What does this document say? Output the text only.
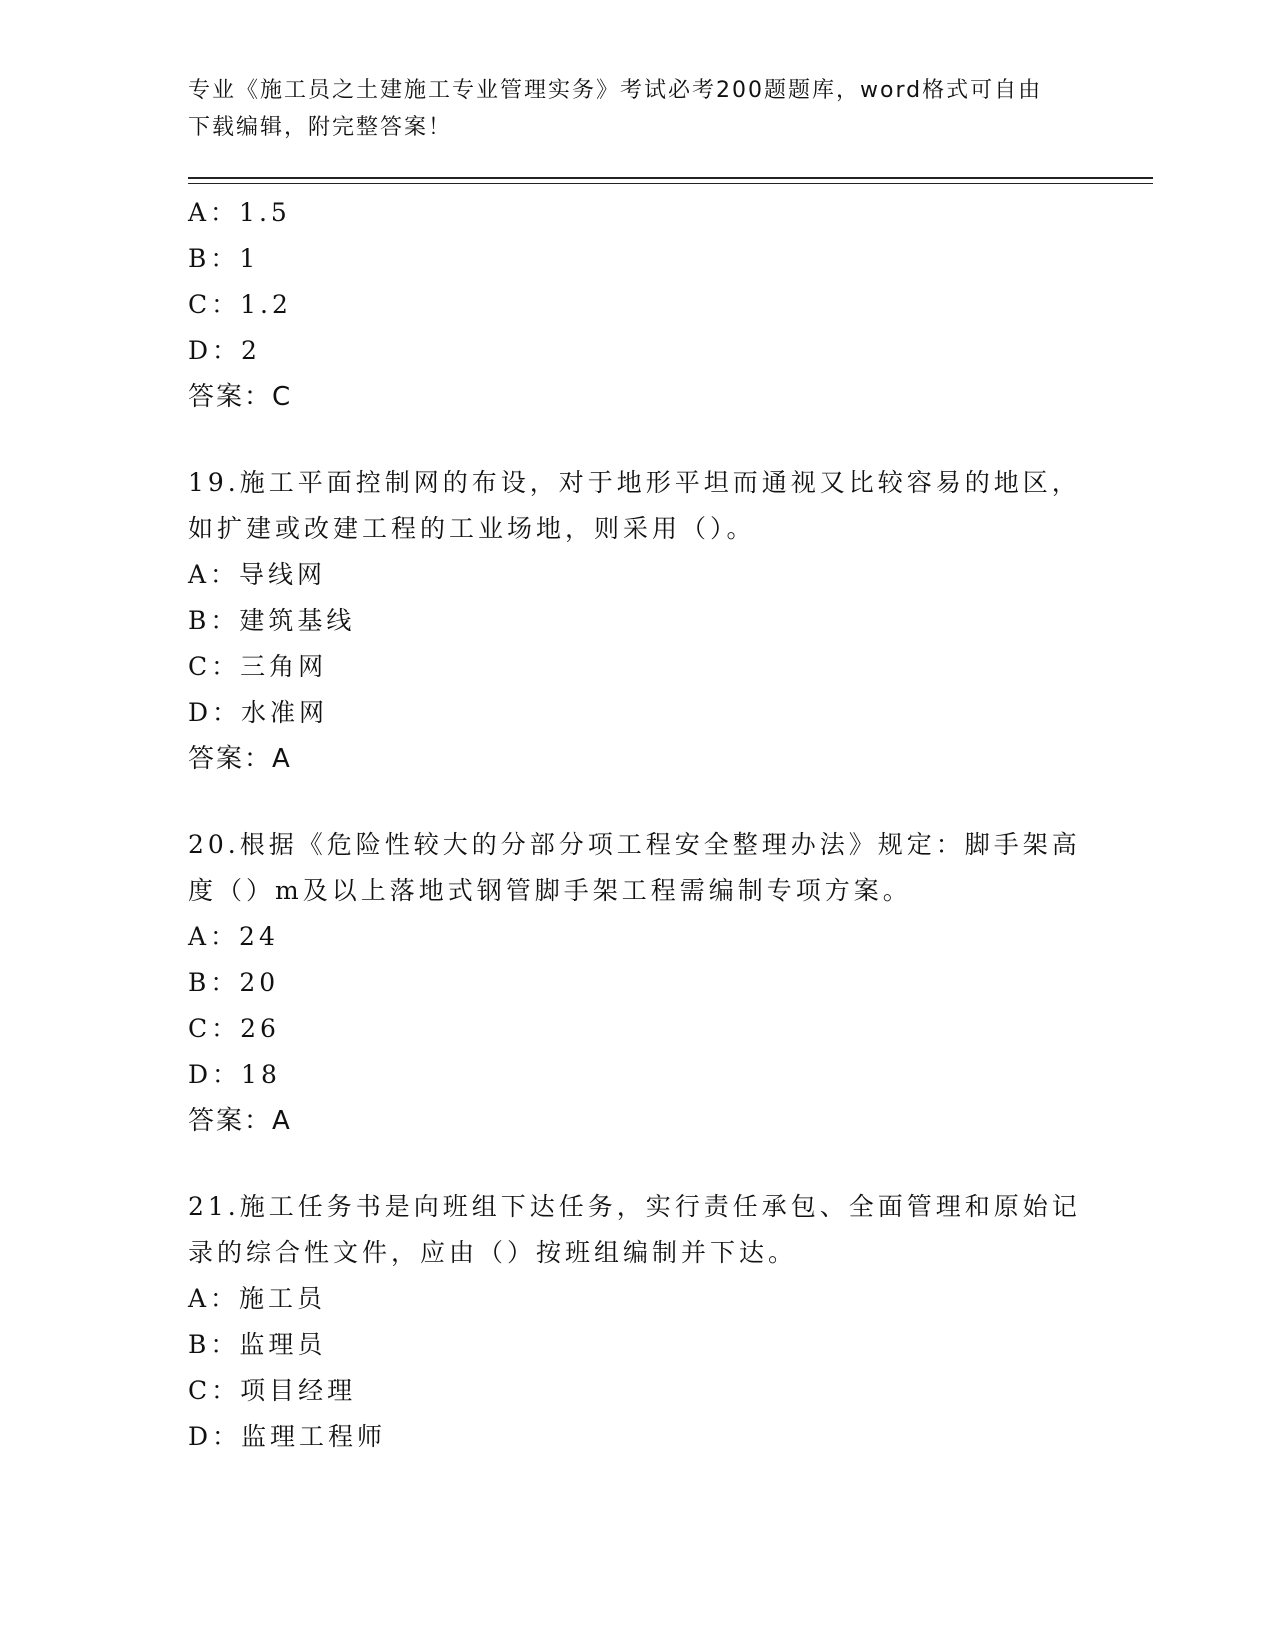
专业《施工员之土建施工专业管理实务》考试必考200题题库，word格式可自由
下载编辑，附完整答案！
A：1.5
B：1
C：1.2
D：2
答案：C
19.施工平面控制网的布设，对于地形平坦而通视又比较容易的地区，
如扩建或改建工程的工业场地，则采用（）。
A：导线网
B：建筑基线
C：三角网
D：水准网
答案：A
20.根据《危险性较大的分部分项工程安全整理办法》规定：脚手架高
度（）m及以上落地式钢管脚手架工程需编制专项方案。
A：24
B：20
C：26
D：18
答案：A
21.施工任务书是向班组下达任务，实行责任承包、全面管理和原始记
录的综合性文件，应由（）按班组编制并下达。
A：施工员
B：监理员
C：项目经理
D：监理工程师
